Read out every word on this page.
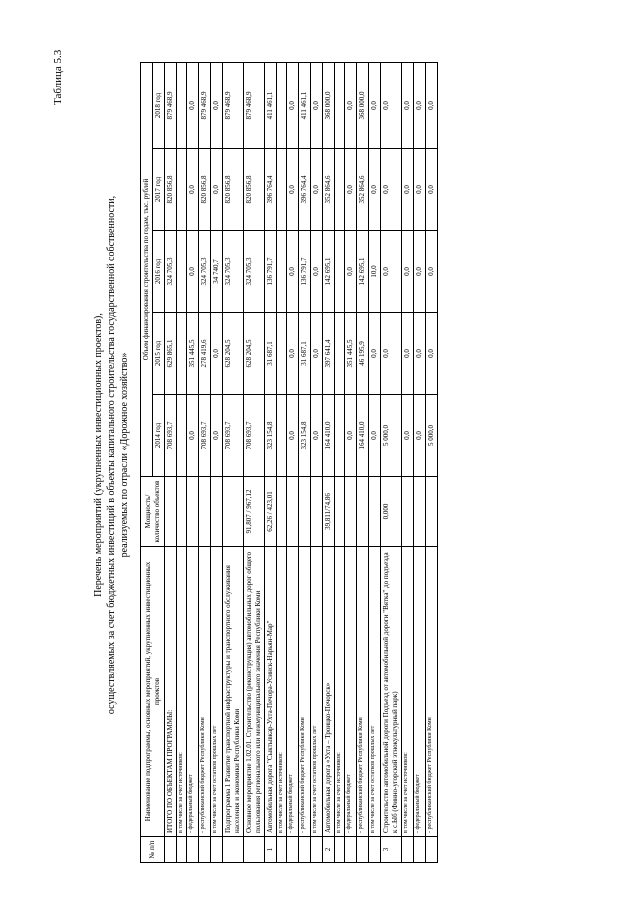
Таблица 5.3
Перечень мероприятий (укрупненных инвестиционных проектов), осуществляемых за счет бюджетных инвестиций в объекты капитального строительства государственной собственности, реализуемых по отрасли «Дорожное хозяйство»
№ п/п	Наименование подпрограммы, основных мероприятий, укрупненных инвестиционных проектов	Мощность/ количество объектов	Объем финансирования строительства по годам, тыс. рублей				
			2014 год	2015 год	2016 год	2017 год	2018 год
	ИТОГО ПО ОБЪЕКТАМ ПРОГРАММЫ:		708 693,7	629 865,1	324 705,3	820 856,8	879 468,9
	в том числе за счет источников:						
	- федеральный бюджет		0,0	351 445,5	0,0	0,0	0,0
	- республиканский бюджет Республики Коми		708 693,7	278 419,6	324 705,3	820 856,8	879 468,9
	в том числе за счет остатков прошлых лет		0,0	0,0	34 740,7	0,0	0,0
	Подпрограмма 1 Развитие транспортной инфраструктуры и транспортного обслуживания населения и экономики Республики Коми		708 693,7	628 204,5	324 705,3	820 856,8	879 468,9
	Основное мероприятие 1.02.01. Строительство (реконструкция) автомобильных дорог общего пользования регионального или межмуниципального значения Республики Коми	91,807 / 967,12	708 693,7	628 204,5	324 705,3	820 856,8	879 468,9
1	Автомобильная дорога "Сыктывкар-Ухта-Печора-Усинск-Нарьян-Мар"	62,26 / 423,01	323 154,8	31 687,1	136 791,7	396 764,4	411 461,1
	в том числе за счет источников:						
	- федеральный бюджет		0,0	0,0	0,0	0,0	0,0
	- республиканский бюджет Республики Коми		323 154,8	31 687,1	136 791,7	396 764,4	411 461,1
	в том числе за счет остатков прошлых лет		0,0	0,0	0,0	0,0	0,0
2	Автомобильная дорога «Ухта – Троицко-Печорск»	39,811/74,86	164 410,0	397 641,4	142 695,1	352 864,6	368 000,0
	в том числе за счет источников:						
	- федеральный бюджет		0,0	351 445,5	0,0	0,0	0,0
	- республиканский бюджет Республики Коми		164 410,0	46 195,9	142 695,1	352 864,6	368 000,0
	в том числе за счет остатков прошлых лет		0,0	0,0	10,0	0,0	0,0
3	Строительство автомобильной дороги Подъезд от автомобильной дороги "Вятка" до подъезда к с.Ыб (Финно-угорский этнокультурный парк)	0,000	5 000,0	0,0	0,0	0,0	0,0
	в том числе за счет источников:		0,0	0,0	0,0	0,0	0,0
	- федеральный бюджет		0,0	0,0	0,0	0,0	0,0
	- республиканский бюджет Республики Коми		5 000,0	0,0	0,0	0,0	0,0
